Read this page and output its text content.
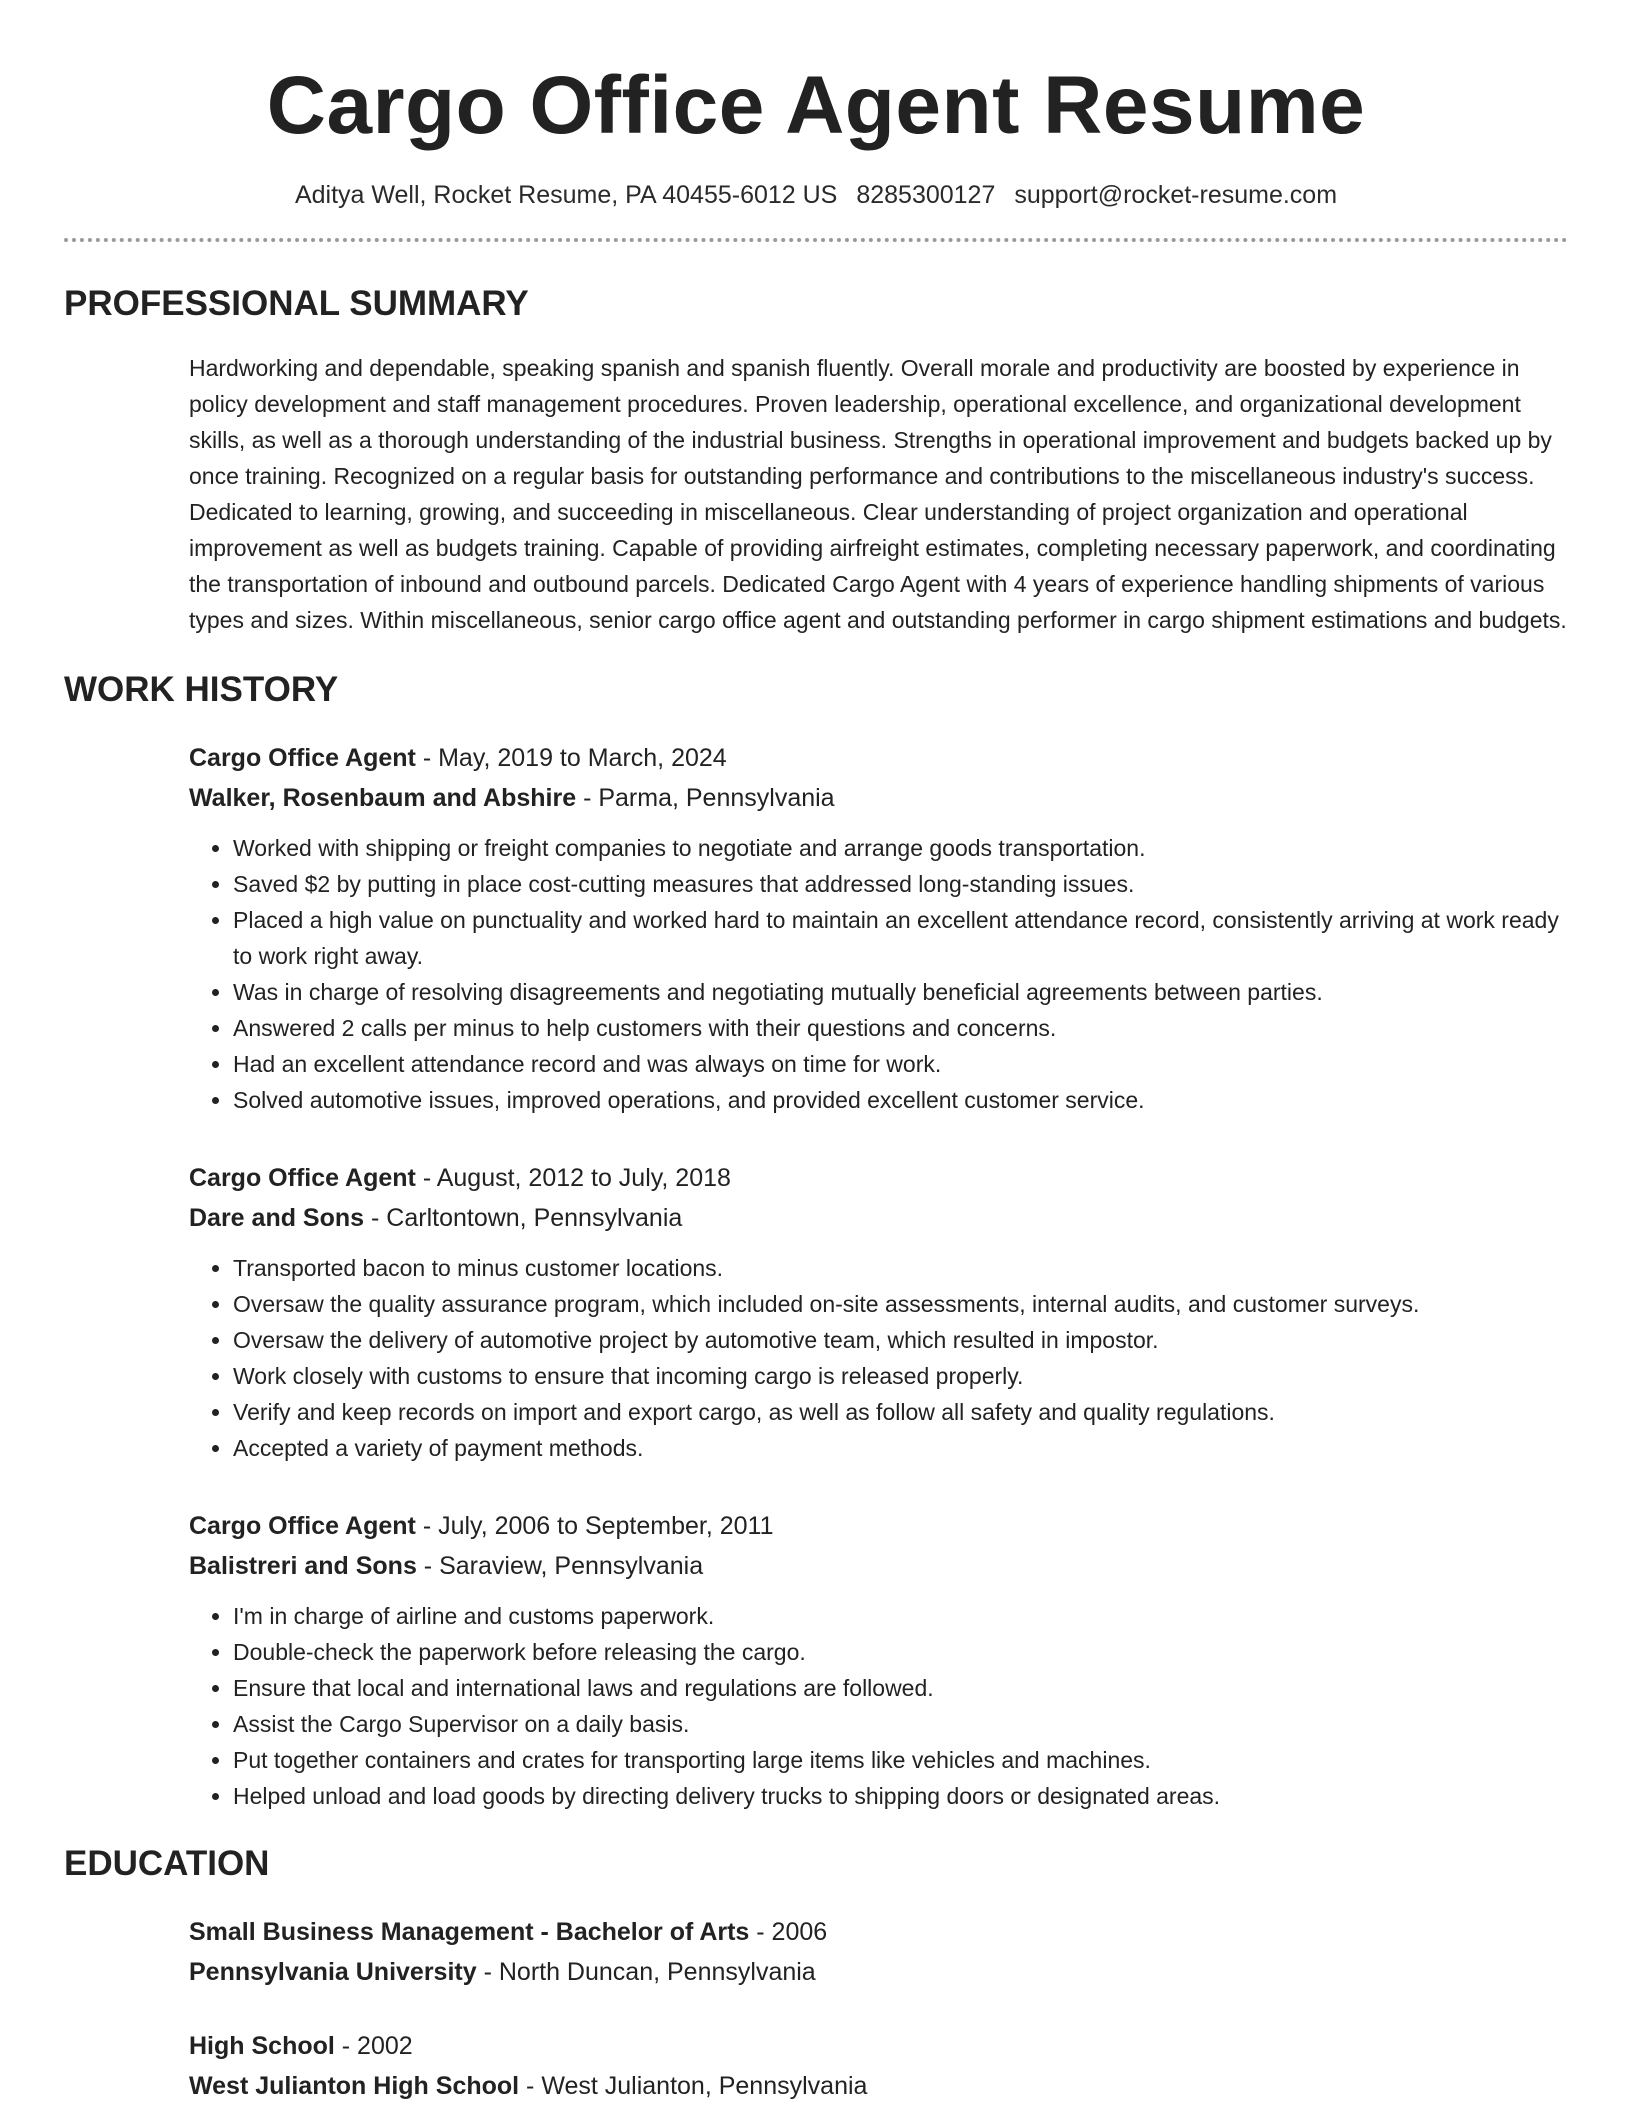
Cargo Office Agent Resume
Aditya Well, Rocket Resume, PA 40455-6012 US 8285300127 support@rocket-resume.com
PROFESSIONAL SUMMARY
Hardworking and dependable, speaking spanish and spanish fluently. Overall morale and productivity are boosted by experience in policy development and staff management procedures. Proven leadership, operational excellence, and organizational development skills, as well as a thorough understanding of the industrial business. Strengths in operational improvement and budgets backed up by once training. Recognized on a regular basis for outstanding performance and contributions to the miscellaneous industry's success. Dedicated to learning, growing, and succeeding in miscellaneous. Clear understanding of project organization and operational improvement as well as budgets training. Capable of providing airfreight estimates, completing necessary paperwork, and coordinating the transportation of inbound and outbound parcels. Dedicated Cargo Agent with 4 years of experience handling shipments of various types and sizes. Within miscellaneous, senior cargo office agent and outstanding performer in cargo shipment estimations and budgets.
WORK HISTORY
Cargo Office Agent - May, 2019 to March, 2024
Walker, Rosenbaum and Abshire - Parma, Pennsylvania
• Worked with shipping or freight companies to negotiate and arrange goods transportation.
• Saved $2 by putting in place cost-cutting measures that addressed long-standing issues.
• Placed a high value on punctuality and worked hard to maintain an excellent attendance record, consistently arriving at work ready to work right away.
• Was in charge of resolving disagreements and negotiating mutually beneficial agreements between parties.
• Answered 2 calls per minus to help customers with their questions and concerns.
• Had an excellent attendance record and was always on time for work.
• Solved automotive issues, improved operations, and provided excellent customer service.
Cargo Office Agent - August, 2012 to July, 2018
Dare and Sons - Carltontown, Pennsylvania
• Transported bacon to minus customer locations.
• Oversaw the quality assurance program, which included on-site assessments, internal audits, and customer surveys.
• Oversaw the delivery of automotive project by automotive team, which resulted in impostor.
• Work closely with customs to ensure that incoming cargo is released properly.
• Verify and keep records on import and export cargo, as well as follow all safety and quality regulations.
• Accepted a variety of payment methods.
Cargo Office Agent - July, 2006 to September, 2011
Balistreri and Sons - Saraview, Pennsylvania
• I'm in charge of airline and customs paperwork.
• Double-check the paperwork before releasing the cargo.
• Ensure that local and international laws and regulations are followed.
• Assist the Cargo Supervisor on a daily basis.
• Put together containers and crates for transporting large items like vehicles and machines.
• Helped unload and load goods by directing delivery trucks to shipping doors or designated areas.
EDUCATION
Small Business Management - Bachelor of Arts - 2006
Pennsylvania University - North Duncan, Pennsylvania
High School - 2002
West Julianton High School - West Julianton, Pennsylvania
